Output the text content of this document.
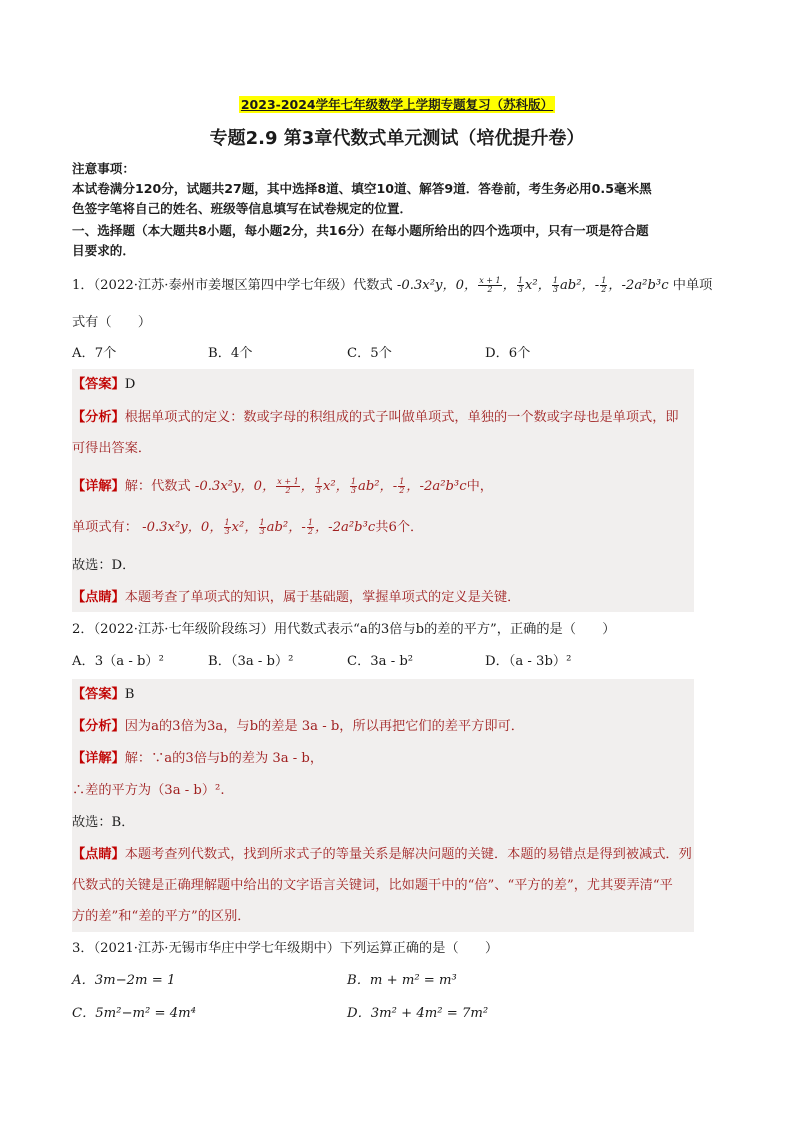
2023-2024学年七年级数学上学期专题复习（苏科版）
专题2.9 第3章代数式单元测试（培优提升卷）
注意事项：
本试卷满分120分，试题共27题，其中选择8道、填空10道、解答9道．答卷前，考生务必用0.5毫米黑
色签字笔将自己的姓名、班级等信息填写在试卷规定的位置．
一、选择题（本大题共8小题，每小题2分，共16分）在每小题所给出的四个选项中，只有一项是符合题
目要求的．
1．（2022·江苏·泰州市姜堰区第四中学七年级）代数式 -0.3x²y，0， $\frac{x + 1}{2}$ ， $\frac{1}{3} x^2$， $\frac{1}{3} ab^2$，- $\frac{1}{2}$ ，-2a²b³c 中单项
式有（　　）
A．7个	B．4个	C．5个	D．6个
【答案】D
【分析】根据单项式的定义：数或字母的积组成的式子叫做单项式，单独的一个数或字母也是单项式，即
可得出答案．
【详解】解：代数式 -0.3x²y，0， $\frac{x + 1}{2}$ ， $\frac{1}{3} x^2$， $\frac{1}{3} ab^2$，- $\frac{1}{2}$ ，-2a²b³c中，
单项式有： -0.3x²y，0， $\frac{1}{3} x^2$， $\frac{1}{3} ab^2$，- $\frac{1}{2}$ ，-2a²b³c共6个．
故选：D．
【点睛】本题考查了单项式的知识，属于基础题，掌握单项式的定义是关键．
2．（2022·江苏·七年级阶段练习）用代数式表示“a的3倍与b的差的平方”，正确的是（　　）
A．3（a - b）²	B．（3a - b）²	C．3a - b²	D．（a - 3b）²
【答案】B
【分析】因为a的3倍为3a，与b的差是 3a - b，所以再把它们的差平方即可．
【详解】解：∵a的3倍与b的差为 3a - b，
∴差的平方为（3a - b）².
故选：B．
【点睛】本题考查列代数式，找到所求式子的等量关系是解决问题的关键．本题的易错点是得到被减式．列
代数式的关键是正确理解题中给出的文字语言关键词，比如题干中的“倍”、“平方的差”，尤其要弄清“平
方的差”和“差的平方”的区别．
3．（2021·江苏·无锡市华庄中学七年级期中）下列运算正确的是（　　）
A．3m−2m = 1	B．m + m² = m³
C．5m²−m² = 4m⁴	D．3m² + 4m² = 7m²
